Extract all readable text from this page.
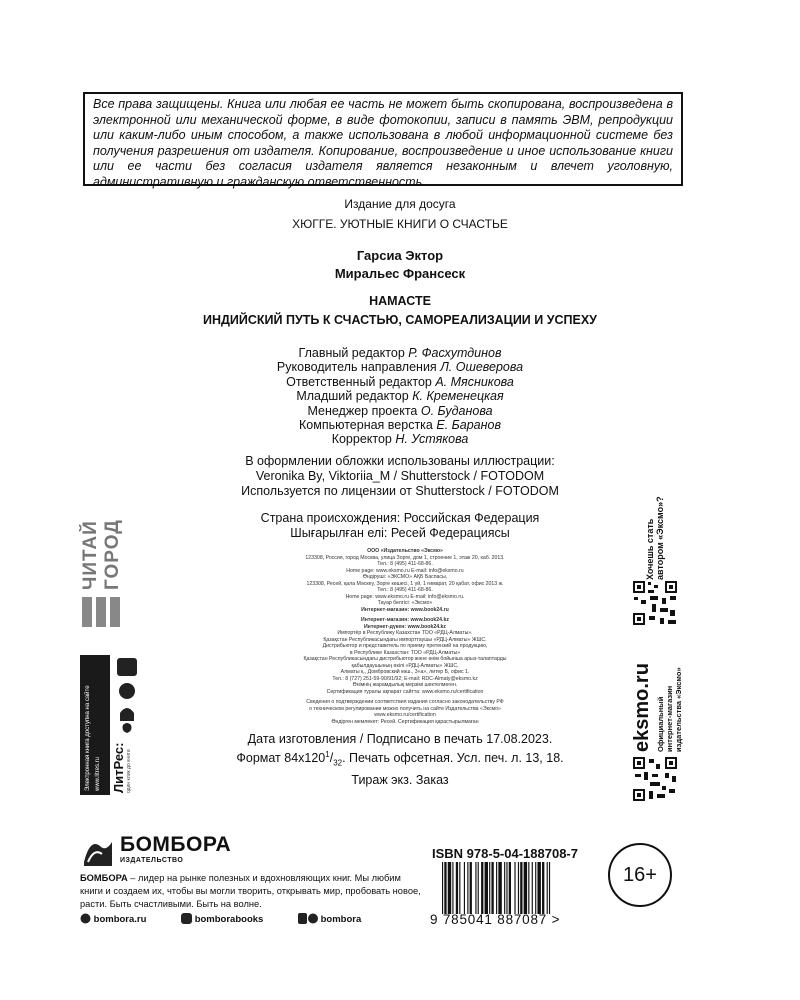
Все права защищены. Книга или любая ее часть не может быть скопирована, воспроизведена в электронной или механической форме, в виде фотокопии, записи в память ЭВМ, репродукции или каким-либо иным способом, а также использована в любой информационной системе без получения разрешения от издателя. Копирование, воспроизведение и иное использование книги или ее части без согласия издателя является незаконным и влечет уголовную, административную и гражданскую ответственность.
Издание для досуга
ХЮГГЕ. УЮТНЫЕ КНИГИ О СЧАСТЬЕ
Гарсиа Эктор
Миральес Франсеск
НАМАСТЕ
ИНДИЙСКИЙ ПУТЬ К СЧАСТЬЮ, САМОРЕАЛИЗАЦИИ И УСПЕХУ
Главный редактор Р. Фасхутдинов
Руководитель направления Л. Ошеверова
Ответственный редактор А. Мясникова
Младший редактор К. Кременецкая
Менеджер проекта О. Буданова
Компьютерная верстка Е. Баранов
Корректор Н. Устякова
В оформлении обложки использованы иллюстрации:
Veronika By, Viktoriia_M / Shutterstock / FOTODOM
Используется по лицензии от Shutterstock / FOTODOM
Страна происхождения: Российская Федерация
Шығарылған елі: Ресей Федерациясы
ООО «Издательство «Эксмо»
123308, Россия, город Москва, улица Зорге, дом 1, строение 1, этаж 20, каб. 2013.
Тел.: 8 (495) 411-68-86.
Home page: www.eksmo.ru E-mail: info@eksmo.ru
Өндіруші: «ЭКСМО» АҚБ Баспасы,
123308, Ресей, қала Мәскеу, Зорге көшесі, 1 үй, 1 ғимарат, 20 қабат, офис 2013 ж.
Тел.: 8 (495) 411-68-86.
Home page: www.eksmo.ru E-mail: info@eksmo.ru.
Тауар белгісі: «Эксмо»
Интернет-магазин: www.book24.ru
Интернет-магазин: www.book24.kz
Интернет-дүкен: www.book24.kz
Импортёр в Республику Казахстан ТОО «РДЦ-Алматы».
Қазақстан Республикасындағы импорттаушы «РДЦ-Алматы» ЖШС.
Дистрибьютор и представитель по приему претензий на продукцию,
в Республике Казахстан: ТОО «РДЦ-Алматы»
Қазақстан Республикасындағы дистрибьютор және өнім бойынша арыз-талаптарды
қабылдаушының өкілі «РДЦ-Алматы» ЖШС,
Алматы қ., Домбровский көш., 3«а», литер Б, офис 1.
Тел.: 8 (727) 251-59-90/91/92; E-mail: RDC-Almaty@eksmo.kz
Өнімнің жарамдылық мерзімі шектелмеген.
Сертификация туралы ақпарат сайтта: www.eksmo.ru/certification
Сведения о подтверждении соответствия издания согласно законодательству РФ
о техническом регулировании можно получить на сайте Издательства «Эксмо»
www.eksmo.ru/certification
Өндірген мемлекет: Ресей. Сертификация қарастырылмаған
Дата изготовления / Подписано в печать 17.08.2023.
Формат $84x120^1/_{32}$. Печать офсетная. Усл. печ. л. 13, 18.
Тираж экз. Заказ
ЧИТАЙ ГОРОД
Электронная книга доступна на сайте www.litres.ru ЛитРес: один клик до книги
Хочешь стать
автором «Эксмо»?
eksmo.ru Официальный
интернет-магазин
издательства «Эксмо»
БОМБОРА
ИЗДАТЕЛЬСТВО
БОМБОРА – лидер на рынке полезных и вдохновляющих книг. Мы любим книги и создаем их, чтобы вы могли творить, открывать мир, пробовать новое, расти. Быть счастливыми. Быть на волне.
bombora.ru	bomborabooks	bombora
ISBN 978-5-04-188708-7
9 785041 887087 >
16+
